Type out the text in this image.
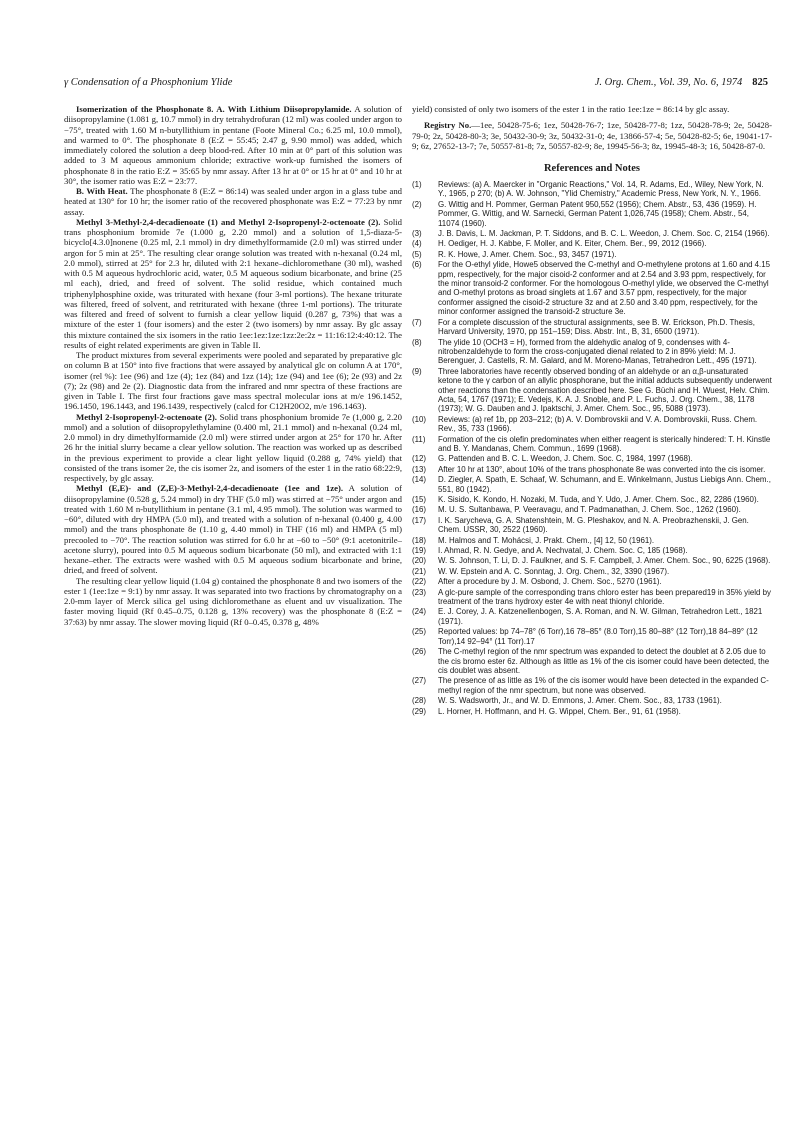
γ Condensation of a Phosphonium Ylide	J. Org. Chem., Vol. 39, No. 6, 1974 825

Isomerization of the Phosphonate 8. A. With Lithium Diisopropylamide. A solution of diisopropylamine (1.081 g, 10.7 mmol) in dry tetrahydrofuran (12 ml) was cooled under argon to −75°, treated with 1.60 M n-butyllithium in pentane (Foote Mineral Co.; 6.25 ml, 10.0 mmol), and warmed to 0°. The phosphonate 8 (E:Z = 55:45; 2.47 g, 9.90 mmol) was added, which immediately colored the solution a deep blood-red. After 10 min at 0° part of this solution was added to 3 M aqueous ammonium chloride; extractive work-up furnished the isomers of phosphonate 8 in the ratio E:Z = 35:65 by nmr assay. After 13 hr at 0° or 15 hr at 0° and 10 hr at 30°, the isomer ratio was E:Z = 23:77.

B. With Heat. The phosphonate 8 (E:Z = 86:14) was sealed under argon in a glass tube and heated at 130° for 10 hr; the isomer ratio of the recovered phosphonate was E:Z = 77:23 by nmr assay.

Methyl 3-Methyl-2,4-decadienoate (1) and Methyl 2-Isopropenyl-2-octenoate (2). Solid trans phosphonium bromide 7e (1.000 g, 2.20 mmol) and a solution of 1,5-diaza-5-bicyclo[4.3.0]nonene (0.25 ml, 2.1 mmol) in dry dimethylformamide (2.0 ml) was stirred under argon for 5 min at 25°. The resulting clear orange solution was treated with n-hexanal (0.24 ml, 2.0 mmol), stirred at 25° for 2.3 hr, diluted with 2:1 hexane–dichloromethane (30 ml), washed with 0.5 M aqueous hydrochloric acid, water, 0.5 M aqueous sodium bicarbonate, and brine (25 ml each), dried, and freed of solvent. The solid residue, which contained much triphenylphosphine oxide, was triturated with hexane (four 3-ml portions). The hexane triturate was filtered, freed of solvent, and retriturated with hexane (three 1-ml portions). The triturate was filtered and freed of solvent to furnish a clear yellow liquid (0.287 g, 73%) that was a mixture of the ester 1 (four isomers) and the ester 2 (two isomers) by nmr assay. By glc assay this mixture contained the six isomers in the ratio 1ee:1ez:1ze:1zz:2e:2z = 11:16:12:4:40:12. The results of eight related experiments are given in Table II.

The product mixtures from several experiments were pooled and separated by preparative glc on column B at 150° into five fractions that were assayed by analytical glc on column A at 170°, isomer (rel %): 1ee (96) and 1ze (4); 1ez (84) and 1zz (14); 1ze (94) and 1ee (6); 2e (93) and 2z (7); 2z (98) and 2e (2). Diagnostic data from the infrared and nmr spectra of these fractions are given in Table I. The first four fractions gave mass spectral molecular ions at m/e 196.1452, 196.1450, 196.1443, and 196.1439, respectively (calcd for C12H20O2, m/e 196.1463).

Methyl 2-Isopropenyl-2-octenoate (2). Solid trans phosphonium bromide 7e (1,000 g, 2.20 mmol) and a solution of diisopropylethylamine (0.400 ml, 21.1 mmol) and n-hexanal (0.24 ml, 2.0 mmol) in dry dimethylformamide (2.0 ml) were stirred under argon at 25° for 170 hr. After 26 hr the initial slurry became a clear yellow solution. The reaction was worked up as described in the previous experiment to provide a clear light yellow liquid (0.288 g, 74% yield) that consisted of the trans isomer 2e, the cis isomer 2z, and isomers of the ester 1 in the ratio 68:22:9, respectively, by glc assay.

Methyl (E,E)- and (Z,E)-3-Methyl-2,4-decadienoate (1ee and 1ze). A solution of diisopropylamine (0.528 g, 5.24 mmol) in dry THF (5.0 ml) was stirred at −75° under argon and treated with 1.60 M n-butyllithium in pentane (3.1 ml, 4.95 mmol). The solution was warmed to −60°, diluted with dry HMPA (5.0 ml), and treated with a solution of n-hexanal (0.400 g, 4.00 mmol) and the trans phosphonate 8e (1.10 g, 4.40 mmol) in THF (16 ml) and HMPA (5 ml) precooled to −70°. The reaction solution was stirred for 6.0 hr at −60 to −50° (9:1 acetonitrile–acetone slurry), poured into 0.5 M aqueous sodium bicarbonate (50 ml), and extracted with 1:1 hexane–ether. The extracts were washed with 0.5 M aqueous sodium bicarbonate and brine, dried, and freed of solvent.

The resulting clear yellow liquid (1.04 g) contained the phosphonate 8 and two isomers of the ester 1 (1ee:1ze = 9:1) by nmr assay. It was separated into two fractions by chromatography on a 2.0-mm layer of Merck silica gel using dichloromethane as eluent and uv visualization. The faster moving liquid (Rf 0.45–0.75, 0.128 g, 13% recovery) was the phosphonate 8 (E:Z = 37:63) by nmr assay. The slower moving liquid (Rf 0–0.45, 0.378 g, 48%

yield) consisted of only two isomers of the ester 1 in the ratio 1ee:1ze = 86:14 by glc assay.

Registry No.—1ee, 50428-75-6; 1ez, 50428-76-7; 1ze, 50428-77-8; 1zz, 50428-78-9; 2e, 50428-79-0; 2z, 50428-80-3; 3e, 50432-30-9; 3z, 50432-31-0; 4e, 13866-57-4; 5e, 50428-82-5; 6e, 19041-17-9; 6z, 27652-13-7; 7e, 50557-81-8; 7z, 50557-82-9; 8e, 19945-56-3; 8z, 19945-48-3; 16, 50428-87-0.

References and Notes
(1)	Reviews: (a) A. Maercker in "Organic Reactions," Vol. 14, R. Adams, Ed., Wiley, New York, N. Y., 1965, p 270; (b) A. W. Johnson, "Ylid Chemistry," Academic Press, New York, N. Y., 1966.
(2)	G. Wittig and H. Pommer, German Patent 950,552 (1956); Chem. Abstr., 53, 436 (1959). H. Pommer, G. Wittig, and W. Sarnecki, German Patent 1,026,745 (1958); Chem. Abstr., 54, 11074 (1960).
(3)	J. B. Davis, L. M. Jackman, P. T. Siddons, and B. C. L. Weedon, J. Chem. Soc. C, 2154 (1966).
(4)	H. Oediger, H. J. Kabbe, F. Moller, and K. Eiter, Chem. Ber., 99, 2012 (1966).
(5)	R. K. Howe, J. Amer. Chem. Soc., 93, 3457 (1971).
(6)	For the O-ethyl ylide, Howe5 observed the C-methyl and O-methylene protons at 1.60 and 4.15 ppm, respectively, for the major cisoid-2 conformer and at 2.54 and 3.93 ppm, respectively, for the minor transoid-2 conformer. For the homologous O-methyl ylide, we observed the C-methyl and O-methyl protons as broad singlets at 1.67 and 3.57 ppm, respectively, for the major conformer assigned the cisoid-2 structure 3z and at 2.50 and 3.40 ppm, respectively, for the minor conformer assigned the transoid-2 structure 3e.
(7)	For a complete discussion of the structural assignments, see B. W. Erickson, Ph.D. Thesis, Harvard University, 1970, pp 151–159; Diss. Abstr. Int., B, 31, 6500 (1971).
(8)	The ylide 10 (OCH3 = H), formed from the aldehydic analog of 9, condenses with 4-nitrobenzaldehyde to form the cross-conjugated dienal related to 2 in 89% yield: M. J. Berenguer, J. Castells, R. M. Galard, and M. Moreno-Manas, Tetrahedron Lett., 495 (1971).
(9)	Three laboratories have recently observed bonding of an aldehyde or an α,β-unsaturated ketone to the γ carbon of an allylic phosphorane, but the initial adducts subsequently underwent other reactions than the condensation described here. See G. Büchi and H. Wuest, Helv. Chim. Acta, 54, 1767 (1971); E. Vedejs, K. A. J. Snoble, and P. L. Fuchs, J. Org. Chem., 38, 1178 (1973); W. G. Dauben and J. Ipaktschi, J. Amer. Chem. Soc., 95, 5088 (1973).
(10)	Reviews: (a) ref 1b, pp 203–212; (b) A. V. Dombrovskii and V. A. Dombrovskii, Russ. Chem. Rev., 35, 733 (1966).
(11)	Formation of the cis olefin predominates when either reagent is sterically hindered: T. H. Kinstle and B. Y. Mandanas, Chem. Commun., 1699 (1968).
(12)	G. Pattenden and B. C. L. Weedon, J. Chem. Soc. C, 1984, 1997 (1968).
(13)	After 10 hr at 130°, about 10% of the trans phosphonate 8e was converted into the cis isomer.
(14)	D. Ziegler, A. Spath, E. Schaaf, W. Schumann, and E. Winkelmann, Justus Liebigs Ann. Chem., 551, 80 (1942).
(15)	K. Sisido, K. Kondo, H. Nozaki, M. Tuda, and Y. Udo, J. Amer. Chem. Soc., 82, 2286 (1960).
(16)	M. U. S. Sultanbawa, P. Veeravagu, and T. Padmanathan, J. Chem. Soc., 1262 (1960).
(17)	I. K. Sarycheva, G. A. Shatenshtein, M. G. Pleshakov, and N. A. Preobrazhenskii, J. Gen. Chem. USSR, 30, 2522 (1960).
(18)	M. Halmos and T. Mohácsi, J. Prakt. Chem., [4] 12, 50 (1961).
(19)	I. Ahmad, R. N. Gedye, and A. Nechvatal, J. Chem. Soc. C, 185 (1968).
(20)	W. S. Johnson, T. Li, D. J. Faulkner, and S. F. Campbell, J. Amer. Chem. Soc., 90, 6225 (1968).
(21)	W. W. Epstein and A. C. Sonntag, J. Org. Chem., 32, 3390 (1967).
(22)	After a procedure by J. M. Osbond, J. Chem. Soc., 5270 (1961).
(23)	A glc-pure sample of the corresponding trans chloro ester has been prepared19 in 35% yield by treatment of the trans hydroxy ester 4e with neat thionyl chloride.
(24)	E. J. Corey, J. A. Katzenellenbogen, S. A. Roman, and N. W. Gilman, Tetrahedron Lett., 1821 (1971).
(25)	Reported values: bp 74–78° (6 Torr),16 78–85° (8.0 Torr),15 80–88° (12 Torr),18 84–89° (12 Torr),14 92–94° (11 Torr).17
(26)	The C-methyl region of the nmr spectrum was expanded to detect the doublet at δ 2.05 due to the cis bromo ester 6z. Although as little as 1% of the cis isomer could have been detected, the cis doublet was absent.
(27)	The presence of as little as 1% of the cis isomer would have been detected in the expanded C-methyl region of the nmr spectrum, but none was observed.
(28)	W. S. Wadsworth, Jr., and W. D. Emmons, J. Amer. Chem. Soc., 83, 1733 (1961).
(29)	L. Horner, H. Hoffmann, and H. G. Wippel, Chem. Ber., 91, 61 (1958).
